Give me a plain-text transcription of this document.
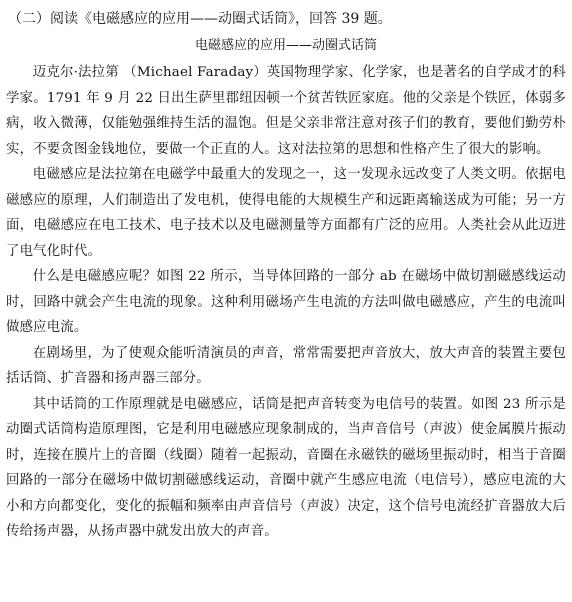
（二）阅读《电磁感应的应用——动圈式话筒》，回答 39 题。

电磁感应的应用——动圈式话筒

迈克尔·法拉第 （Michael Faraday）英国物理学家、化学家，也是著名的自学成才的科学家。1791 年 9 月 22 日出生萨里郡纽因顿一个贫苦铁匠家庭。他的父亲是个铁匠，体弱多病，收入微薄，仅能勉强维持生活的温饱。但是父亲非常注意对孩子们的教育，要他们勤劳朴实，不要贪图金钱地位，要做一个正直的人。这对法拉第的思想和性格产生了很大的影响。

电磁感应是法拉第在电磁学中最重大的发现之一，这一发现永远改变了人类文明。依据电磁感应的原理，人们制造出了发电机，使得电能的大规模生产和远距离输送成为可能；另一方面，电磁感应在电工技术、电子技术以及电磁测量等方面都有广泛的应用。人类社会从此迈进了电气化时代。

什么是电磁感应呢？如图 22 所示，当导体回路的一部分 ab 在磁场中做切割磁感线运动时，回路中就会产生电流的现象。这种利用磁场产生电流的方法叫做电磁感应，产生的电流叫做感应电流。

在剧场里，为了使观众能听清演员的声音，常常需要把声音放大，放大声音的装置主要包括话筒、扩音器和扬声器三部分。

其中话筒的工作原理就是电磁感应，话筒是把声音转变为电信号的装置。如图 23 所示是动圈式话筒构造原理图，它是利用电磁感应现象制成的，当声音信号（声波）使金属膜片振动时，连接在膜片上的音圈（线圈）随着一起振动，音圈在永磁铁的磁场里振动时，相当于音圈回路的一部分在磁场中做切割磁感线运动，音圈中就产生感应电流（电信号），感应电流的大小和方向都变化，变化的振幅和频率由声音信号（声波）决定，这个信号电流经扩音器放大后传给扬声器，从扬声器中就发出放大的声音。
